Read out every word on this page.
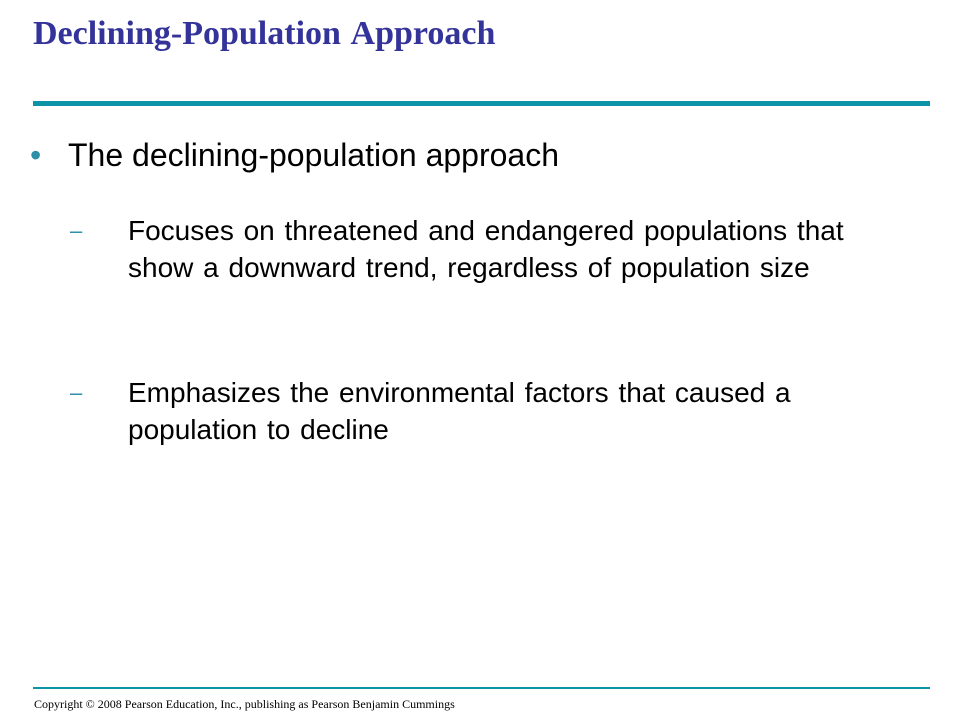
Declining-Population Approach
• The declining-population approach
– Focuses on threatened and endangered populations that show a downward trend, regardless of population size
– Emphasizes the environmental factors that caused a population to decline
Copyright © 2008 Pearson Education, Inc., publishing as Pearson Benjamin Cummings
